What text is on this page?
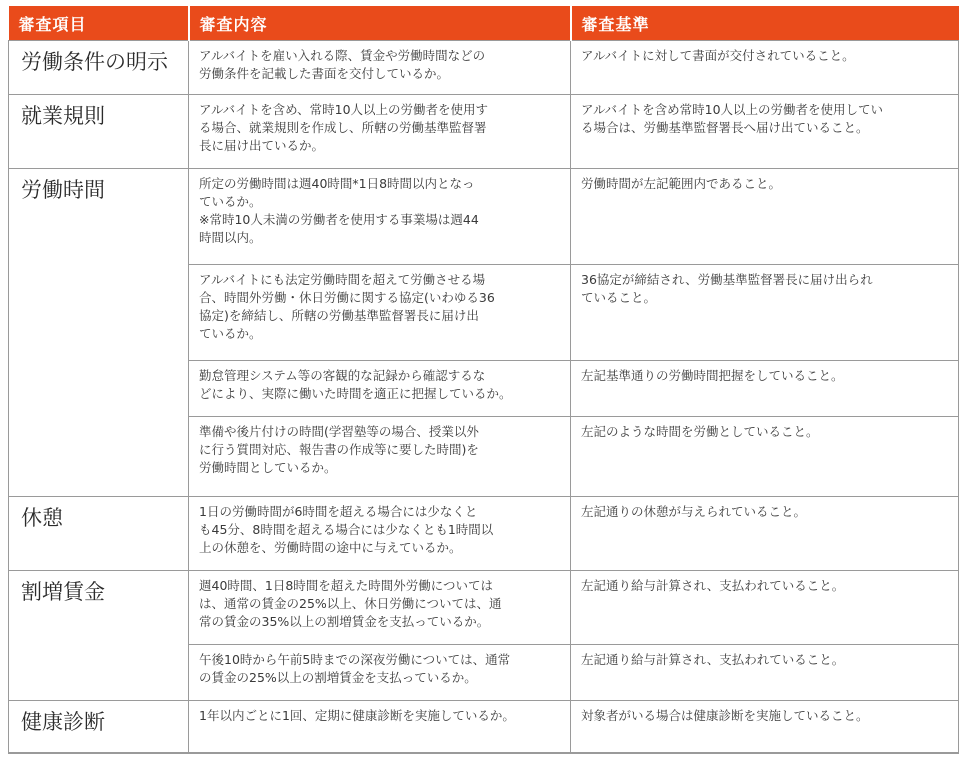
審査項目	審査内容	審査基準
労働条件の明示	アルバイトを雇い入れる際、賃金や労働時間などの
労働条件を記載した書面を交付しているか。	アルバイトに対して書面が交付されていること。

就業規則	アルバイトを含め、常時10人以上の労働者を使用す
る場合、就業規則を作成し、所轄の労働基準監督署
長に届け出ているか。	アルバイトを含め常時10人以上の労働者を使用してい
る場合は、労働基準監督署長へ届け出ていること。

労働時間	所定の労働時間は週40時間*1日8時間以内となっ
ているか。
※常時10人未満の労働者を使用する事業場は週44
時間以内。	労働時間が左記範囲内であること。

	アルバイトにも法定労働時間を超えて労働させる場
合、時間外労働・休日労働に関する協定(いわゆる36
協定)を締結し、所轄の労働基準監督署長に届け出
ているか。	36協定が締結され、労働基準監督署長に届け出られ
ていること。

	勤怠管理システム等の客観的な記録から確認するな
どにより、実際に働いた時間を適正に把握しているか。	左記基準通りの労働時間把握をしていること。

	準備や後片付けの時間(学習塾等の場合、授業以外
に行う質問対応、報告書の作成等に要した時間)を
労働時間としているか。	左記のような時間を労働としていること。

休憩	1日の労働時間が6時間を超える場合には少なくと
も45分、8時間を超える場合には少なくとも1時間以
上の休憩を、労働時間の途中に与えているか。	左記通りの休憩が与えられていること。

割増賃金	週40時間、1日8時間を超えた時間外労働については
は、通常の賃金の25%以上、休日労働については、通
常の賃金の35%以上の割増賃金を支払っているか。	左記通り給与計算され、支払われていること。

	午後10時から午前5時までの深夜労働については、通常
の賃金の25%以上の割増賃金を支払っているか。	左記通り給与計算され、支払われていること。

健康診断	1年以内ごとに1回、定期に健康診断を実施しているか。	対象者がいる場合は健康診断を実施していること。
